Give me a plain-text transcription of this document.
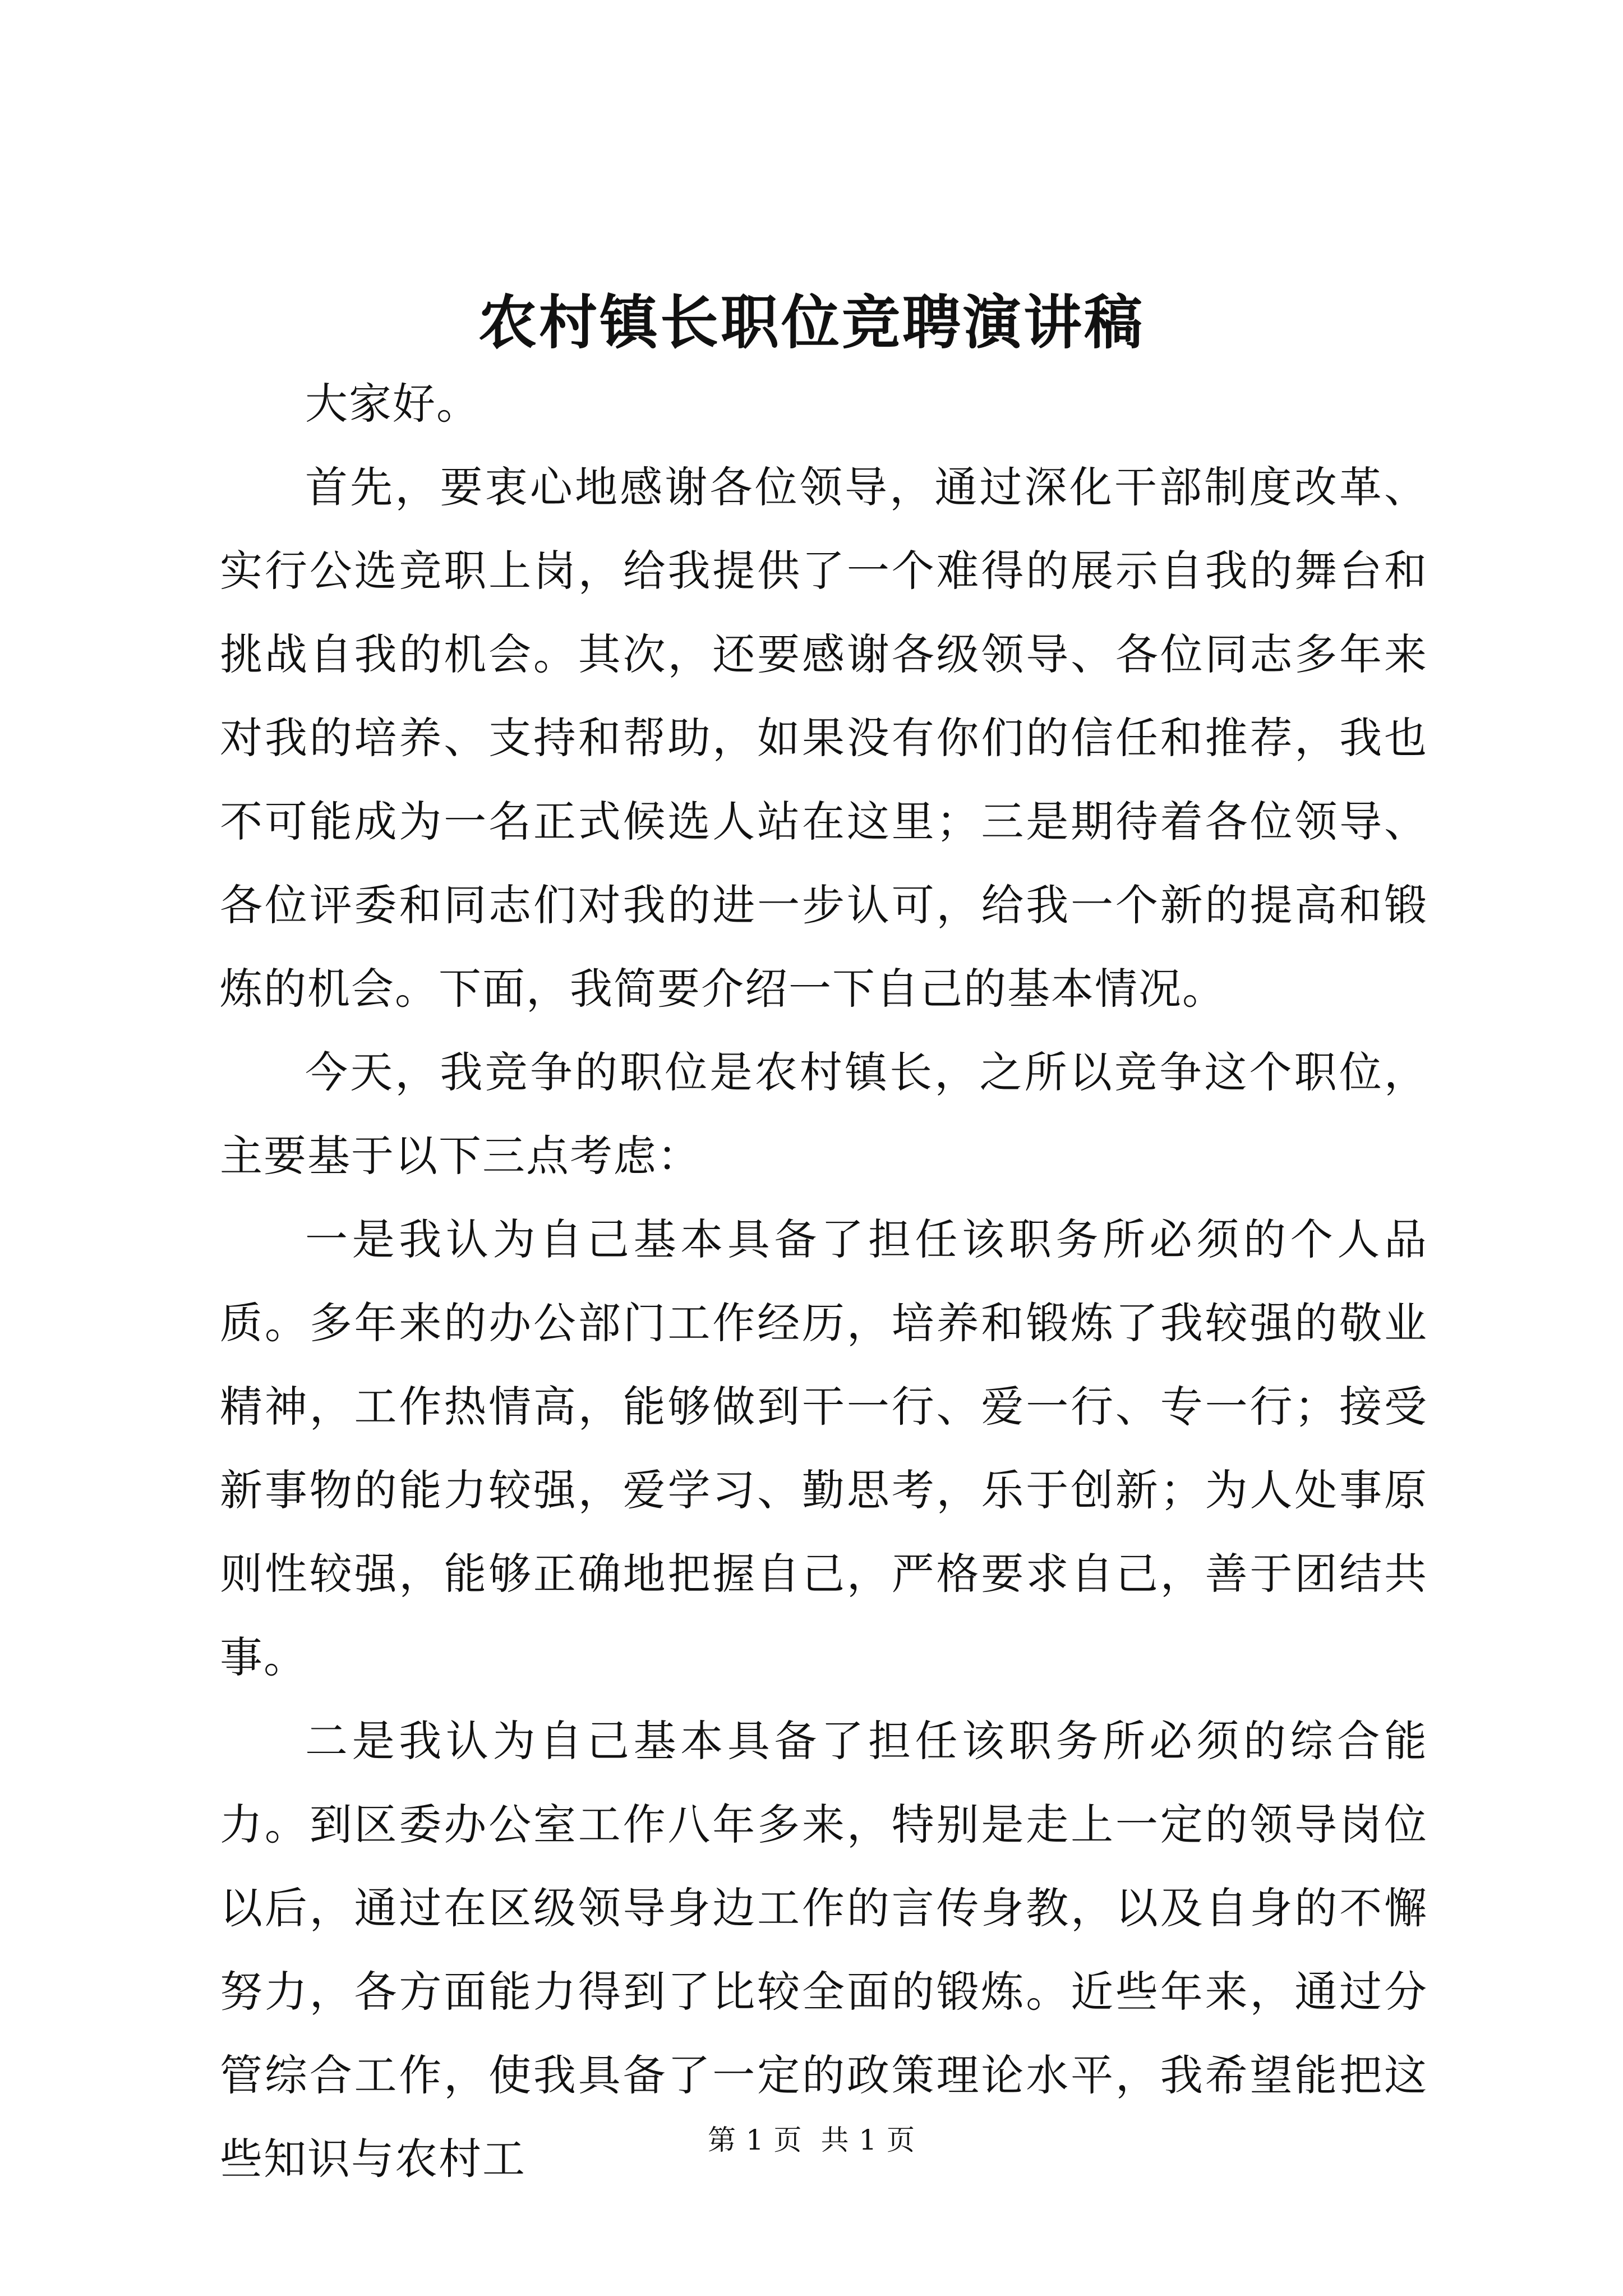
农村镇长职位竞聘演讲稿

大家好。

首先，要衷心地感谢各位领导，通过深化干部制度改革、实行公选竞职上岗，给我提供了一个难得的展示自我的舞台和挑战自我的机会。其次，还要感谢各级领导、各位同志多年来对我的培养、支持和帮助，如果没有你们的信任和推荐，我也不可能成为一名正式候选人站在这里；三是期待着各位领导、各位评委和同志们对我的进一步认可，给我一个新的提高和锻炼的机会。下面，我简要介绍一下自己的基本情况。

今天，我竞争的职位是农村镇长，之所以竞争这个职位，主要基于以下三点考虑：

一是我认为自己基本具备了担任该职务所必须的个人品质。多年来的办公部门工作经历，培养和锻炼了我较强的敬业精神，工作热情高，能够做到干一行、爱一行、专一行；接受新事物的能力较强，爱学习、勤思考，乐于创新；为人处事原则性较强，能够正确地把握自己，严格要求自己，善于团结共事。

二是我认为自己基本具备了担任该职务所必须的综合能力。到区委办公室工作八年多来，特别是走上一定的领导岗位以后，通过在区级领导身边工作的言传身教，以及自身的不懈努力，各方面能力得到了比较全面的锻炼。近些年来，通过分管综合工作，使我具备了一定的政策理论水平，我希望能把这些知识与农村工	第 1 页 共 1 页
